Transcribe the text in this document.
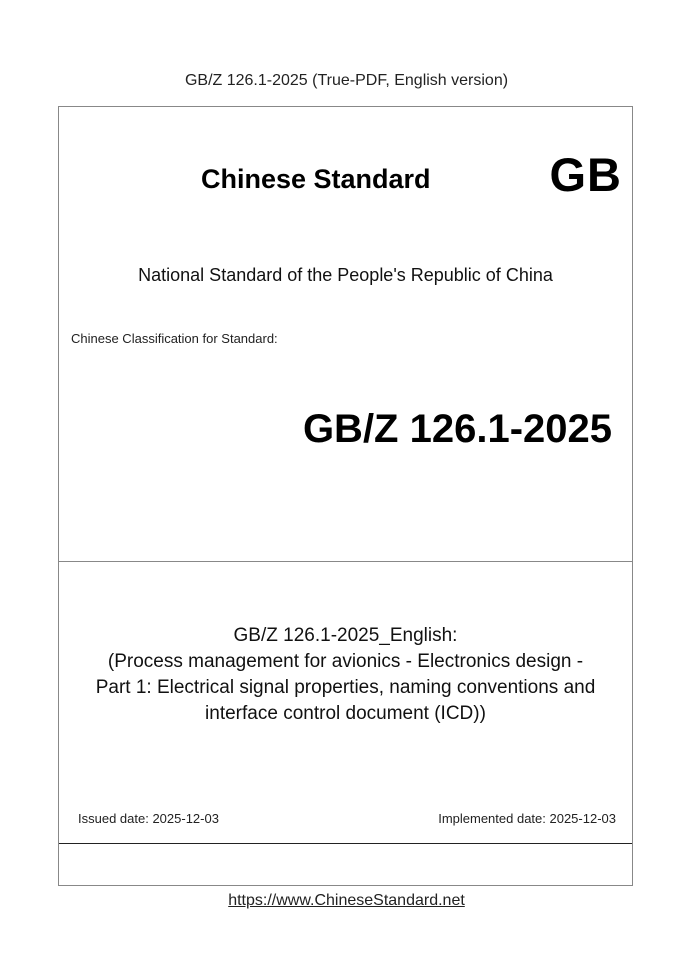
GB/Z 126.1-2025 (True-PDF, English version)
Chinese Standard	GB
National Standard of the People's Republic of China
Chinese Classification for Standard:
GB/Z 126.1-2025
GB/Z 126.1-2025_English:
(Process management for avionics - Electronics design -
Part 1: Electrical signal properties, naming conventions and
interface control document (ICD))
Issued date: 2025-12-03	Implemented date: 2025-12-03
https://www.ChineseStandard.net
